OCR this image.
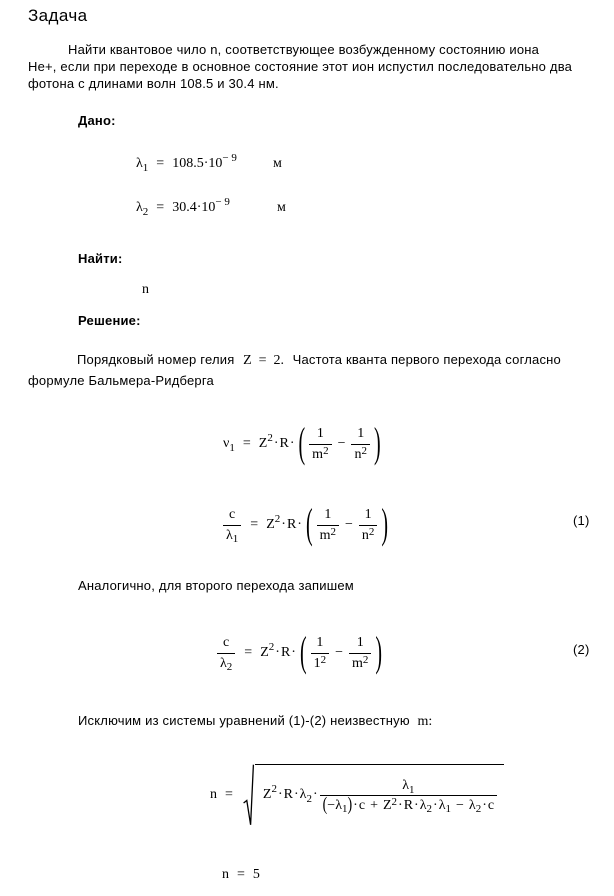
Задача
Найти квантовое чило n, соответствующее возбужденному состоянию иона
He+, если при переходе в основное состояние этот ион испустил последовательно два
фотона с длинами волн 108.5 и 30.4 нм.
Дано:
$\lambda_1 = 108.5\cdot 10^{- 9}$	м
$\lambda_2 = 30.4\cdot 10^{- 9}$	м
Найти:
n
Решение:
Порядковый номер гелия Z  =  2. Частота кванта первого перехода согласно
формуле Бальмера-Ридберга
$\nu_1 = Z^2\cdot R\cdot$ ( $\frac{1}{m^2} - \frac{1}{n^2}$ )
$\frac{c}{\lambda_1} = Z^2\cdot R\cdot$ ( $\frac{1}{m^2} - \frac{1}{n^2}$ )	(1)
Аналогично, для второго перехода запишем
$\frac{c}{\lambda_2} = Z^2\cdot R\cdot$ ( $\frac{1}{1^2} - \frac{1}{m^2}$ )	(2)
Исключим из системы уравнений (1)-(2) неизвестную m:
$n = Z^2\cdot R\cdot\lambda_2\cdot \frac{\lambda_1}{(-\lambda_1)\cdot c + Z^2\cdot R\cdot\lambda_2\cdot\lambda_1 - \lambda_2\cdot c}$
n = 5
